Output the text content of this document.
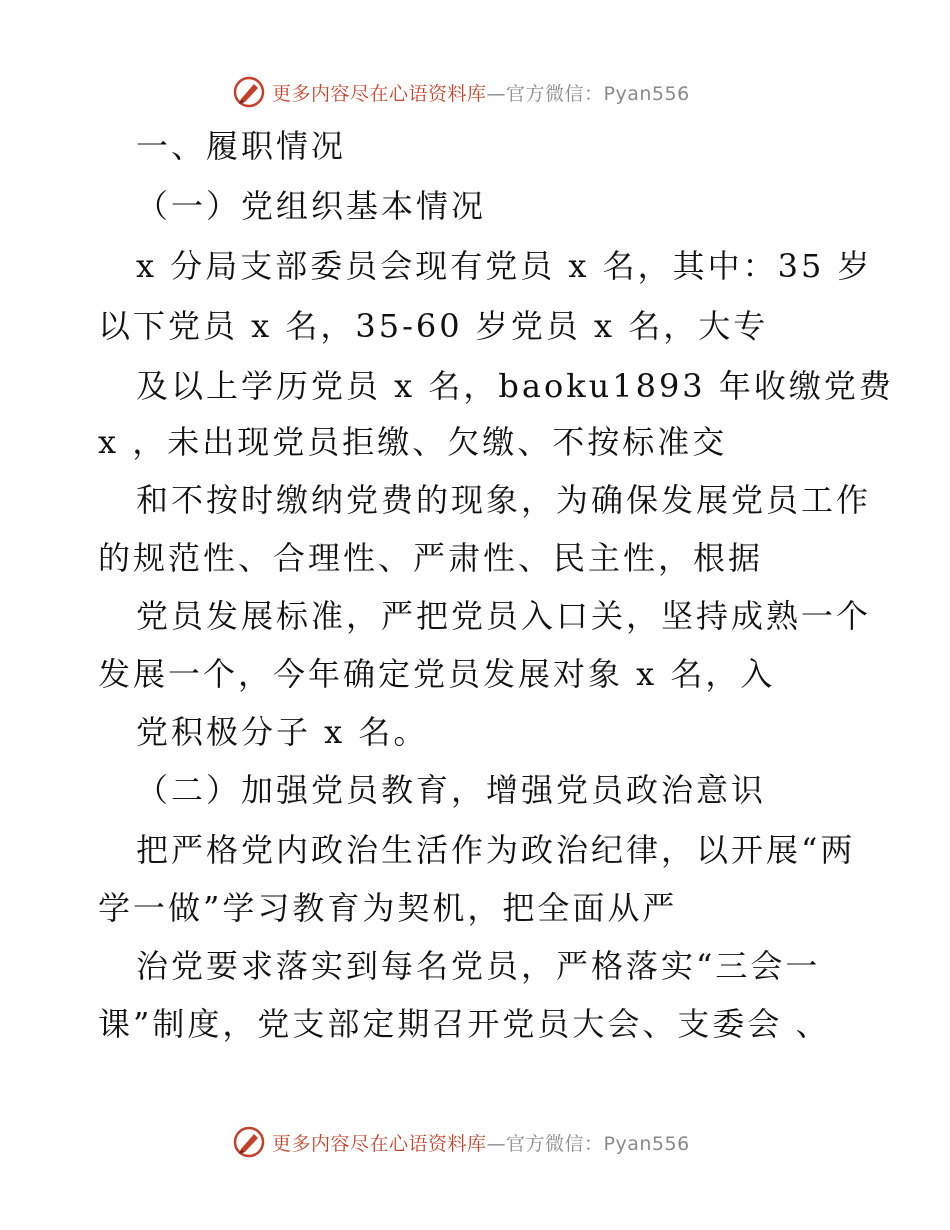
更多内容尽在心语资料库—官方微信：Pyan556
一、履职情况
（一）党组织基本情况
x 分局支部委员会现有党员 x 名，其中：35 岁
以下党员 x 名，35-60 岁党员 x 名，大专
及以上学历党员 x 名，baoku1893 年收缴党费
x ，未出现党员拒缴、欠缴、不按标准交
和不按时缴纳党费的现象，为确保发展党员工作
的规范性、合理性、严肃性、民主性，根据
党员发展标准，严把党员入口关，坚持成熟一个
发展一个，今年确定党员发展对象 x 名，入
党积极分子 x 名。
（二）加强党员教育，增强党员政治意识
把严格党内政治生活作为政治纪律，以开展“两
学一做”学习教育为契机，把全面从严
治党要求落实到每名党员，严格落实“三会一
课”制度，党支部定期召开党员大会、支委会 、
更多内容尽在心语资料库—官方微信：Pyan556
